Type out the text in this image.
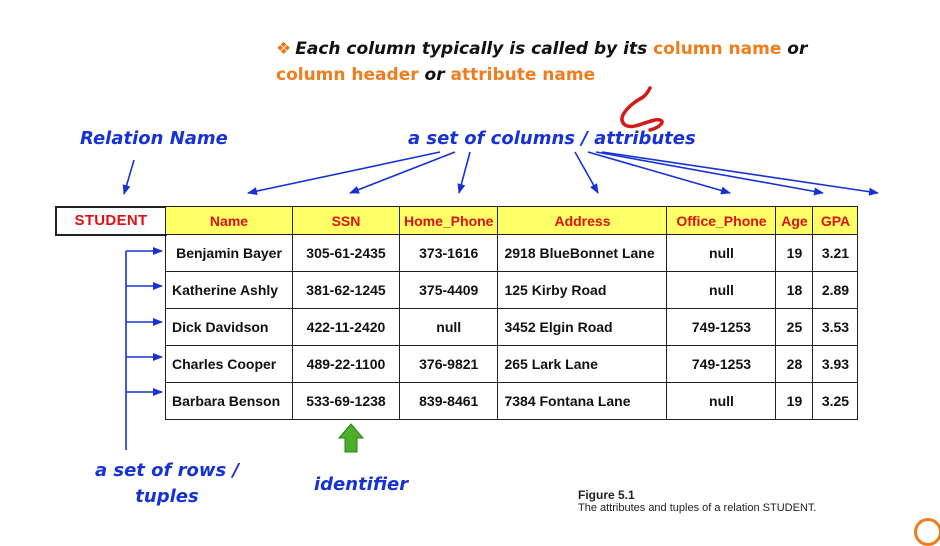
❖ Each column typically is called by its column name or
column header or attribute name
Relation Name	a set of columns / attributes
a set of rows /
tuples
identifier
STUDENT	Name	SSN	Home_Phone	Address	Office_Phone	Age	GPA
Benjamin Bayer	305-61-2435	373-1616	2918 BlueBonnet Lane	null	19	3.21
Katherine Ashly	381-62-1245	375-4409	125 Kirby Road	null	18	2.89
Dick Davidson	422-11-2420	null	3452 Elgin Road	749-1253	25	3.53
Charles Cooper	489-22-1100	376-9821	265 Lark Lane	749-1253	28	3.93
Barbara Benson	533-69-1238	839-8461	7384 Fontana Lane	null	19	3.25
Figure 5.1
The attributes and tuples of a relation STUDENT.
